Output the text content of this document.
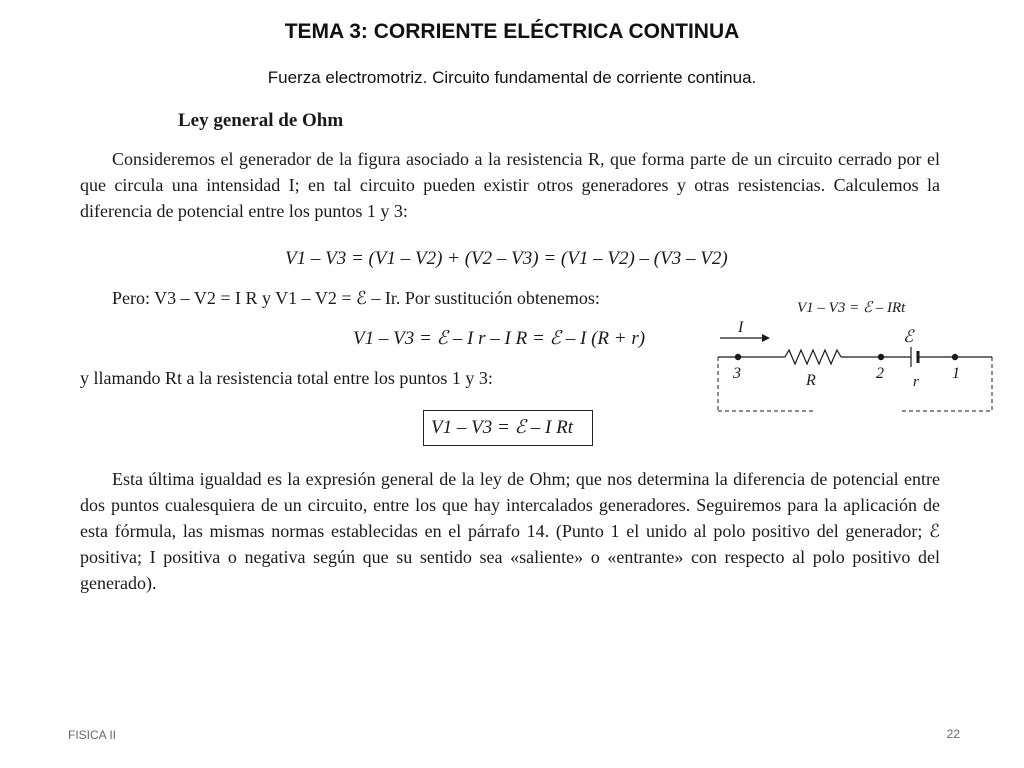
TEMA 3: CORRIENTE ELÉCTRICA CONTINUA
Fuerza electromotriz. Circuito fundamental de corriente continua.
Ley general de Ohm
Consideremos el generador de la figura asociado a la resistencia R, que forma parte de un circuito cerrado por el que circula una intensidad I; en tal circuito pueden existir otros generadores y otras resistencias. Calculemos la diferencia de potencial entre los puntos 1 y 3:
V1 – V3 = (V1 – V2) + (V2 – V3) = (V1 – V2) – (V3 – V2)
Pero: V3 – V2 = I R y V1 – V2 = ℰ – Ir. Por sustitución obtenemos:
V1 – V3 = ℰ – I r – I R = ℰ – I (R + r)
y llamando Rt a la resistencia total entre los puntos 1 y 3:
V1 – V3 = ℰ – I Rt
Esta última igualdad es la expresión general de la ley de Ohm; que nos determina la diferencia de potencial entre dos puntos cualesquiera de un circuito, entre los que hay intercalados generadores. Seguiremos para la aplicación de esta fórmula, las mismas normas establecidas en el párrafo 14. (Punto 1 el unido al polo positivo del generador; ℰ positiva; I positiva o negativa según que su sentido sea «saliente» o «entrante» con respecto al polo positivo del generado).
V1 – V3 = ℰ – IRt
I
3	R	2
ℰ
r 1
FISICA II	22
